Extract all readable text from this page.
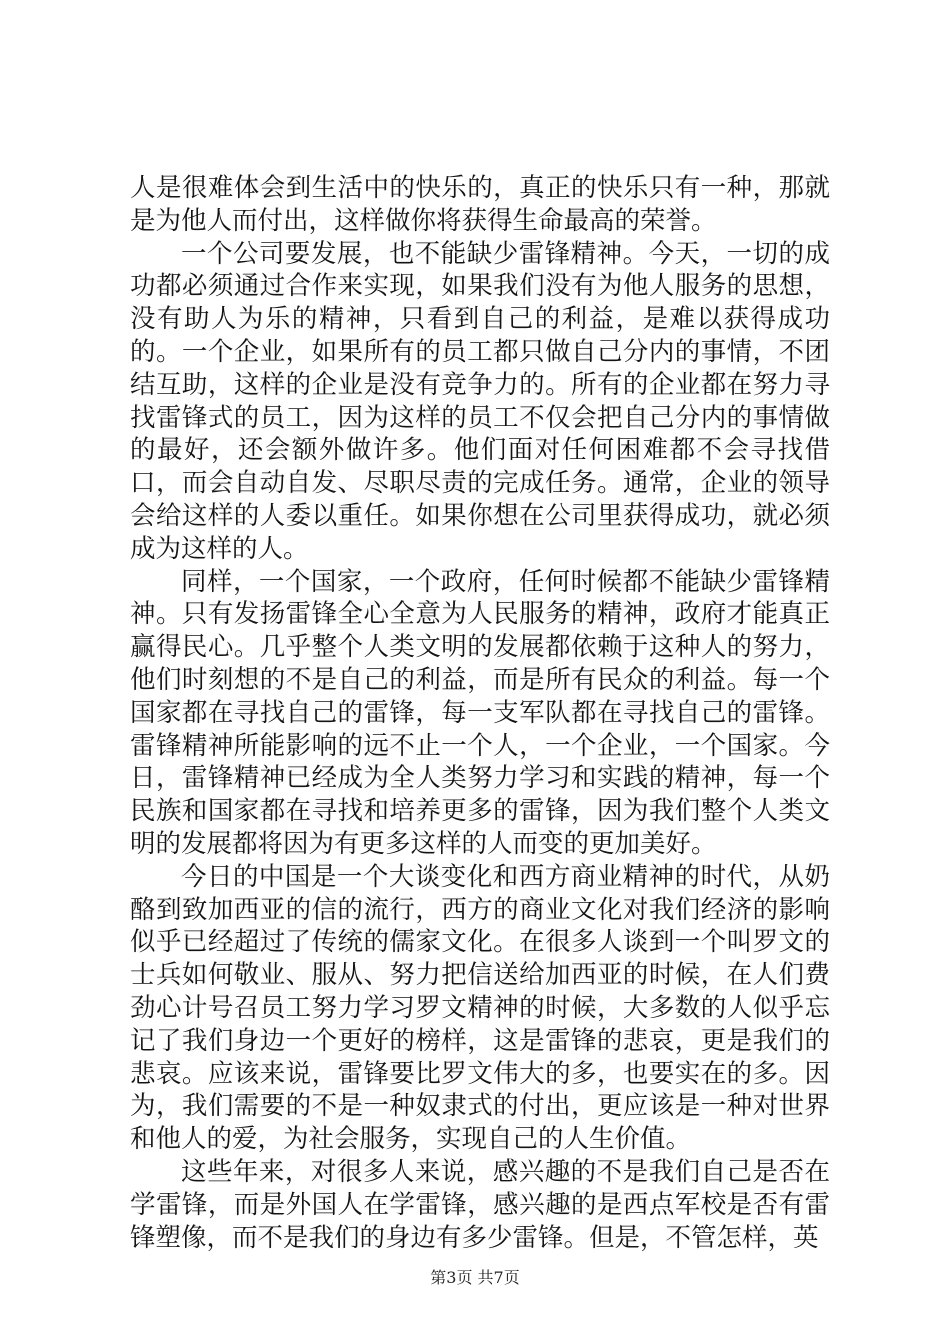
人是很难体会到生活中的快乐的，真正的快乐只有一种，那就是为他人而付出，这样做你将获得生命最高的荣誉。

一个公司要发展，也不能缺少雷锋精神。今天，一切的成功都必须通过合作来实现，如果我们没有为他人服务的思想，没有助人为乐的精神，只看到自己的利益，是难以获得成功的。一个企业，如果所有的员工都只做自己分内的事情，不团结互助，这样的企业是没有竞争力的。所有的企业都在努力寻找雷锋式的员工，因为这样的员工不仅会把自己分内的事情做的最好，还会额外做许多。他们面对任何困难都不会寻找借口，而会自动自发、尽职尽责的完成任务。通常，企业的领导会给这样的人委以重任。如果你想在公司里获得成功，就必须成为这样的人。

同样，一个国家，一个政府，任何时候都不能缺少雷锋精神。只有发扬雷锋全心全意为人民服务的精神，政府才能真正赢得民心。几乎整个人类文明的发展都依赖于这种人的努力，他们时刻想的不是自己的利益，而是所有民众的利益。每一个国家都在寻找自己的雷锋，每一支军队都在寻找自己的雷锋。雷锋精神所能影响的远不止一个人，一个企业，一个国家。今日，雷锋精神已经成为全人类努力学习和实践的精神，每一个民族和国家都在寻找和培养更多的雷锋，因为我们整个人类文明的发展都将因为有更多这样的人而变的更加美好。

今日的中国是一个大谈变化和西方商业精神的时代，从奶酪到致加西亚的信的流行，西方的商业文化对我们经济的影响似乎已经超过了传统的儒家文化。在很多人谈到一个叫罗文的士兵如何敬业、服从、努力把信送给加西亚的时候，在人们费劲心计号召员工努力学习罗文精神的时候，大多数的人似乎忘记了我们身边一个更好的榜样，这是雷锋的悲哀，更是我们的悲哀。应该来说，雷锋要比罗文伟大的多，也要实在的多。因为，我们需要的不是一种奴隶式的付出，更应该是一种对世界和他人的爱，为社会服务，实现自己的人生价值。

这些年来，对很多人来说，感兴趣的不是我们自己是否在学雷锋，而是外国人在学雷锋，感兴趣的是西点军校是否有雷锋塑像，而不是我们的身边有多少雷锋。但是，不管怎样，英

第3页 共7页
